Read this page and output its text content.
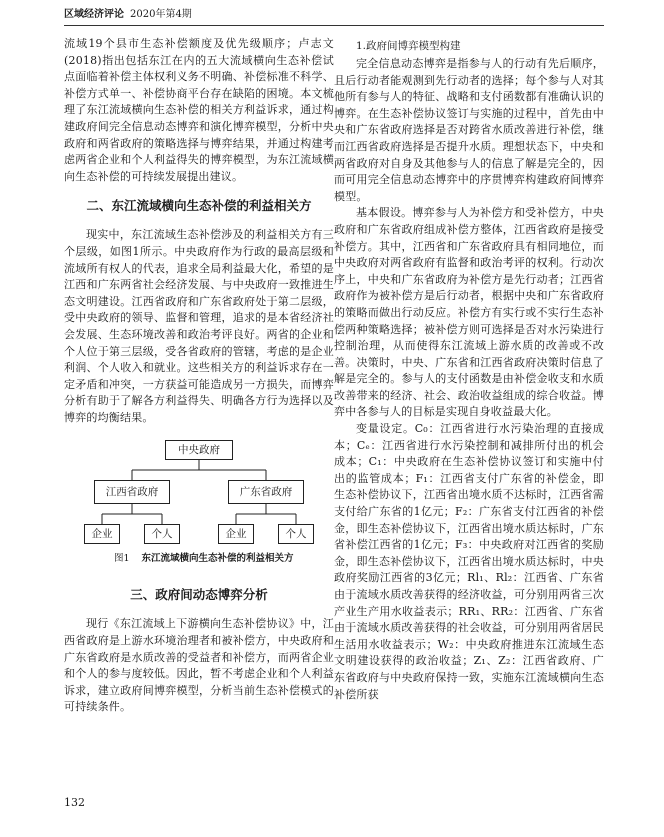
区域经济评论 2020年第4期

流域19个县市生态补偿额度及优先级顺序；卢志文(2018)指出包括东江在内的五大流域横向生态补偿试点面临着补偿主体权利义务不明确、补偿标准不科学、补偿方式单一、补偿协商平台存在缺陷的困境。本文梳理了东江流域横向生态补偿的相关方利益诉求，通过构建政府间完全信息动态博弈和演化博弈模型，分析中央政府和两省政府的策略选择与博弈结果，并通过构建考虑两省企业和个人利益得失的博弈模型，为东江流域横向生态补偿的可持续发展提出建议。

二、东江流域横向生态补偿的利益相关方

现实中，东江流域生态补偿涉及的利益相关方有三个层级，如图1所示。中央政府作为行政的最高层级和流域所有权人的代表，追求全局利益最大化，希望的是江西和广东两省社会经济发展、与中央政府一致推进生态文明建设。江西省政府和广东省政府处于第二层级，受中央政府的领导、监督和管理，追求的是本省经济社会发展、生态环境改善和政治考评良好。两省的企业和个人位于第三层级，受各省政府的管辖，考虑的是企业利润、个人收入和就业。这些相关方的利益诉求存在一定矛盾和冲突，一方获益可能造成另一方损失，而博弈分析有助于了解各方利益得失、明确各方行为选择以及博弈的均衡结果。

中央政府
江西省政府	广东省政府
企业	个人	企业	个人
图1 东江流域横向生态补偿的利益相关方
三、政府间动态博弈分析

现行《东江流域上下游横向生态补偿协议》中，江西省政府是上游水环境治理者和被补偿方，中央政府和广东省政府是水质改善的受益者和补偿方，而两省企业和个人的参与度较低。因此，暂不考虑企业和个人利益诉求，建立政府间博弈模型，分析当前生态补偿模式的可持续条件。

1.政府间博弈模型构建

完全信息动态博弈是指参与人的行动有先后顺序，且后行动者能观测到先行动者的选择；每个参与人对其他所有参与人的特征、战略和支付函数都有准确认识的博弈。在生态补偿协议签订与实施的过程中，首先由中央和广东省政府选择是否对跨省水质改善进行补偿，继而江西省政府选择是否提升水质。理想状态下，中央和两省政府对自身及其他参与人的信息了解是完全的，因而可用完全信息动态博弈中的序贯博弈构建政府间博弈模型。

基本假设。博弈参与人为补偿方和受补偿方，中央政府和广东省政府组成补偿方整体，江西省政府是接受补偿方。其中，江西省和广东省政府具有相同地位，而中央政府对两省政府有监督和政治考评的权利。行动次序上，中央和广东省政府为补偿方是先行动者；江西省政府作为被补偿方是后行动者，根据中央和广东省政府的策略而做出行动反应。补偿方有实行或不实行生态补偿两种策略选择；被补偿方则可选择是否对水污染进行控制治理，从而使得东江流域上游水质的改善或不改善。决策时，中央、广东省和江西省政府决策时信息了解是完全的。参与人的支付函数是由补偿金收支和水质改善带来的经济、社会、政治收益组成的综合收益。博弈中各参与人的目标是实现自身收益最大化。

变量设定。C₀：江西省进行水污染治理的直接成本；Cₑ：江西省进行水污染控制和减排所付出的机会成本；C₁：中央政府在生态补偿协议签订和实施中付出的监管成本；F₁：江西省支付广东省的补偿金，即生态补偿协议下，江西省出境水质不达标时，江西省需支付给广东省的1亿元；F₂：广东省支付江西省的补偿金，即生态补偿协议下，江西省出境水质达标时，广东省补偿江西省的1亿元；F₃：中央政府对江西省的奖励金，即生态补偿协议下，江西省出境水质达标时，中央政府奖励江西省的3亿元；Rl₁、Rl₂：江西省、广东省由于流域水质改善获得的经济收益，可分别用两省三次产业生产用水收益表示；RR₁、RR₂：江西省、广东省由于流域水质改善获得的社会收益，可分别用两省居民生活用水收益表示；W₂：中央政府推进东江流域生态文明建设获得的政治收益；Z₁、Z₂：江西省政府、广东省政府与中央政府保持一致，实施东江流域横向生态补偿所获

132
